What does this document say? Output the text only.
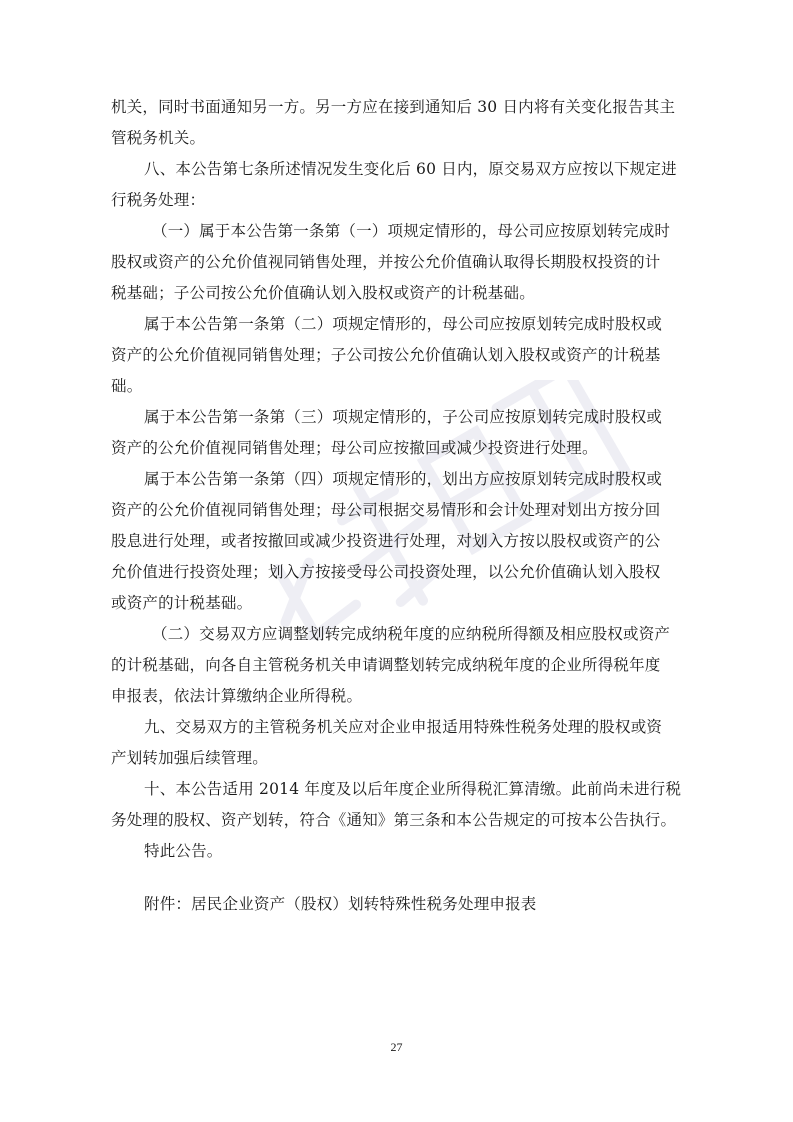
机关，同时书面通知另一方。另一方应在接到通知后 30 日内将有关变化报告其主
管税务机关。

八、本公告第七条所述情况发生变化后 60 日内，原交易双方应按以下规定进
行税务处理：

（一）属于本公告第一条第（一）项规定情形的，母公司应按原划转完成时
股权或资产的公允价值视同销售处理，并按公允价值确认取得长期股权投资的计
税基础；子公司按公允价值确认划入股权或资产的计税基础。

属于本公告第一条第（二）项规定情形的，母公司应按原划转完成时股权或
资产的公允价值视同销售处理；子公司按公允价值确认划入股权或资产的计税基
础。

属于本公告第一条第（三）项规定情形的，子公司应按原划转完成时股权或
资产的公允价值视同销售处理；母公司应按撤回或减少投资进行处理。

属于本公告第一条第（四）项规定情形的，划出方应按原划转完成时股权或
资产的公允价值视同销售处理；母公司根据交易情形和会计处理对划出方按分回
股息进行处理，或者按撤回或减少投资进行处理，对划入方按以股权或资产的公
允价值进行投资处理；划入方按接受母公司投资处理，以公允价值确认划入股权
或资产的计税基础。

（二）交易双方应调整划转完成纳税年度的应纳税所得额及相应股权或资产
的计税基础，向各自主管税务机关申请调整划转完成纳税年度的企业所得税年度
申报表，依法计算缴纳企业所得税。

九、交易双方的主管税务机关应对企业申报适用特殊性税务处理的股权或资
产划转加强后续管理。

十、本公告适用 2014 年度及以后年度企业所得税汇算清缴。此前尚未进行税
务处理的股权、资产划转，符合《通知》第三条和本公告规定的可按本公告执行。

特此公告。

附件：居民企业资产（股权）划转特殊性税务处理申报表

27
